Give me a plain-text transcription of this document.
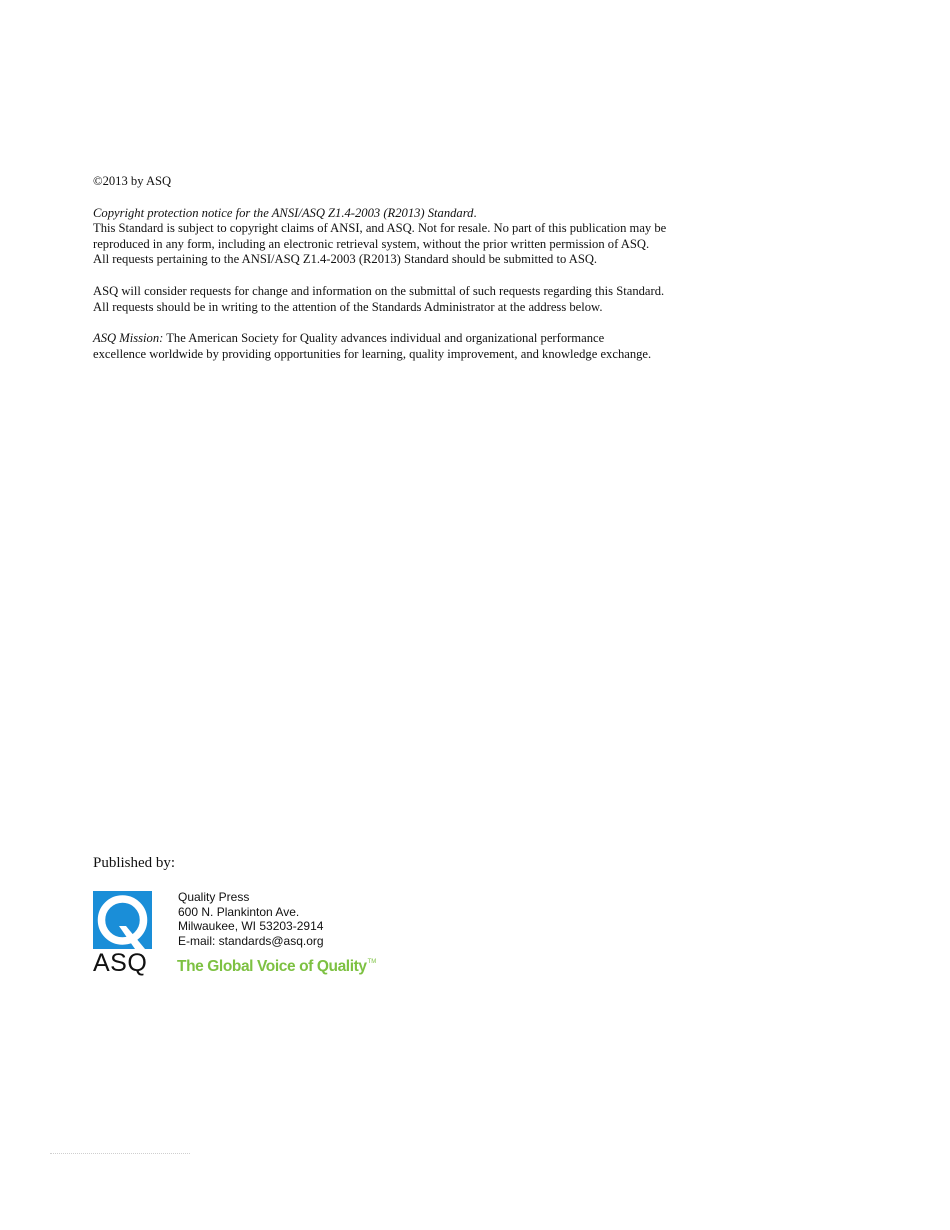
©2013 by ASQ

Copyright protection notice for the ANSI/ASQ Z1.4-2003 (R2013) Standard.

This Standard is subject to copyright claims of ANSI, and ASQ. Not for resale. No part of this publication may be

reproduced in any form, including an electronic retrieval system, without the prior written permission of ASQ.

All requests pertaining to the ANSI/ASQ Z1.4-2003 (R2013) Standard should be submitted to ASQ.

ASQ will consider requests for change and information on the submittal of such requests regarding this Standard.

All requests should be in writing to the attention of the Standards Administrator at the address below.

ASQ Mission: The American Society for Quality advances individual and organizational performance

excellence worldwide by providing opportunities for learning, quality improvement, and knowledge exchange.

Published by:
ASQ
Quality Press
600 N. Plankinton Ave.
Milwaukee, WI 53203-2914
E-mail: standards@asq.org
The Global Voice of Quality™
